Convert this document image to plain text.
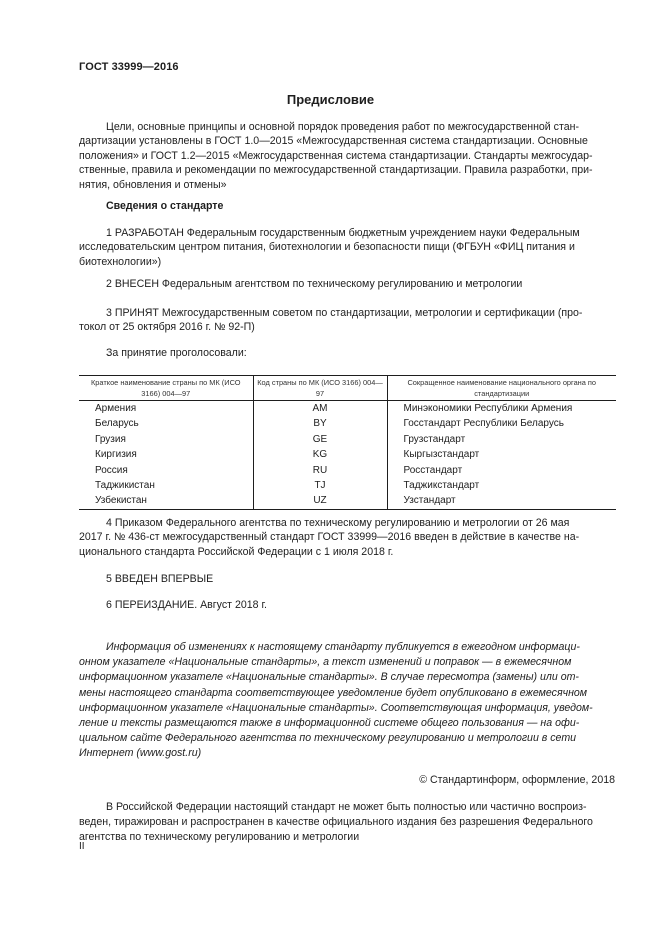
ГОСТ 33999—2016
Предисловие
Цели, основные принципы и основной порядок проведения работ по межгосударственной стан-
дартизации установлены в ГОСТ 1.0—2015 «Межгосударственная система стандартизации. Основные
положения» и ГОСТ 1.2—2015 «Межгосударственная система стандартизации. Стандарты межгосудар-
ственные, правила и рекомендации по межгосударственной стандартизации. Правила разработки, при-
нятия, обновления и отмены»
Сведения о стандарте
1 РАЗРАБОТАН Федеральным государственным бюджетным учреждением науки Федеральным
исследовательским центром питания, биотехнологии и безопасности пищи (ФГБУН «ФИЦ питания и
биотехнологии»)
2 ВНЕСЕН Федеральным агентством по техническому регулированию и метрологии
3 ПРИНЯТ Межгосударственным советом по стандартизации, метрологии и сертификации (про-
токол от 25 октября 2016 г. № 92-П)
За принятие проголосовали:
Краткое наименование страны по МК (ИСО 3166) 004—97	Код страны по МК (ИСО 3166) 004—97	Сокращенное наименование национального органа по стандартизации
Армения	AM	Минэкономики Республики Армения
Беларусь	BY	Госстандарт Республики Беларусь
Грузия	GE	Грузстандарт
Киргизия	KG	Кыргызстандарт
Россия	RU	Росстандарт
Таджикистан	TJ	Таджикстандарт
Узбекистан	UZ	Узстандарт
4 Приказом Федерального агентства по техническому регулированию и метрологии от 26 мая
2017 г. № 436-ст межгосударственный стандарт ГОСТ 33999—2016 введен в действие в качестве на-
ционального стандарта Российской Федерации с 1 июля 2018 г.
5 ВВЕДЕН ВПЕРВЫЕ
6 ПЕРЕИЗДАНИЕ. Август 2018 г.
Информация об изменениях к настоящему стандарту публикуется в ежегодном информаци-
онном указателе «Национальные стандарты», а текст изменений и поправок — в ежемесячном
информационном указателе «Национальные стандарты». В случае пересмотра (замены) или от-
мены настоящего стандарта соответствующее уведомление будет опубликовано в ежемесячном
информационном указателе «Национальные стандарты». Соответствующая информация, уведом-
ление и тексты размещаются также в информационной системе общего пользования — на офи-
циальном сайте Федерального агентства по техническому регулированию и метрологии в сети
Интернет (www.gost.ru)
© Стандартинформ, оформление, 2018
В Российской Федерации настоящий стандарт не может быть полностью или частично воспроиз-
веден, тиражирован и распространен в качестве официального издания без разрешения Федерального
агентства по техническому регулированию и метрологии
II
